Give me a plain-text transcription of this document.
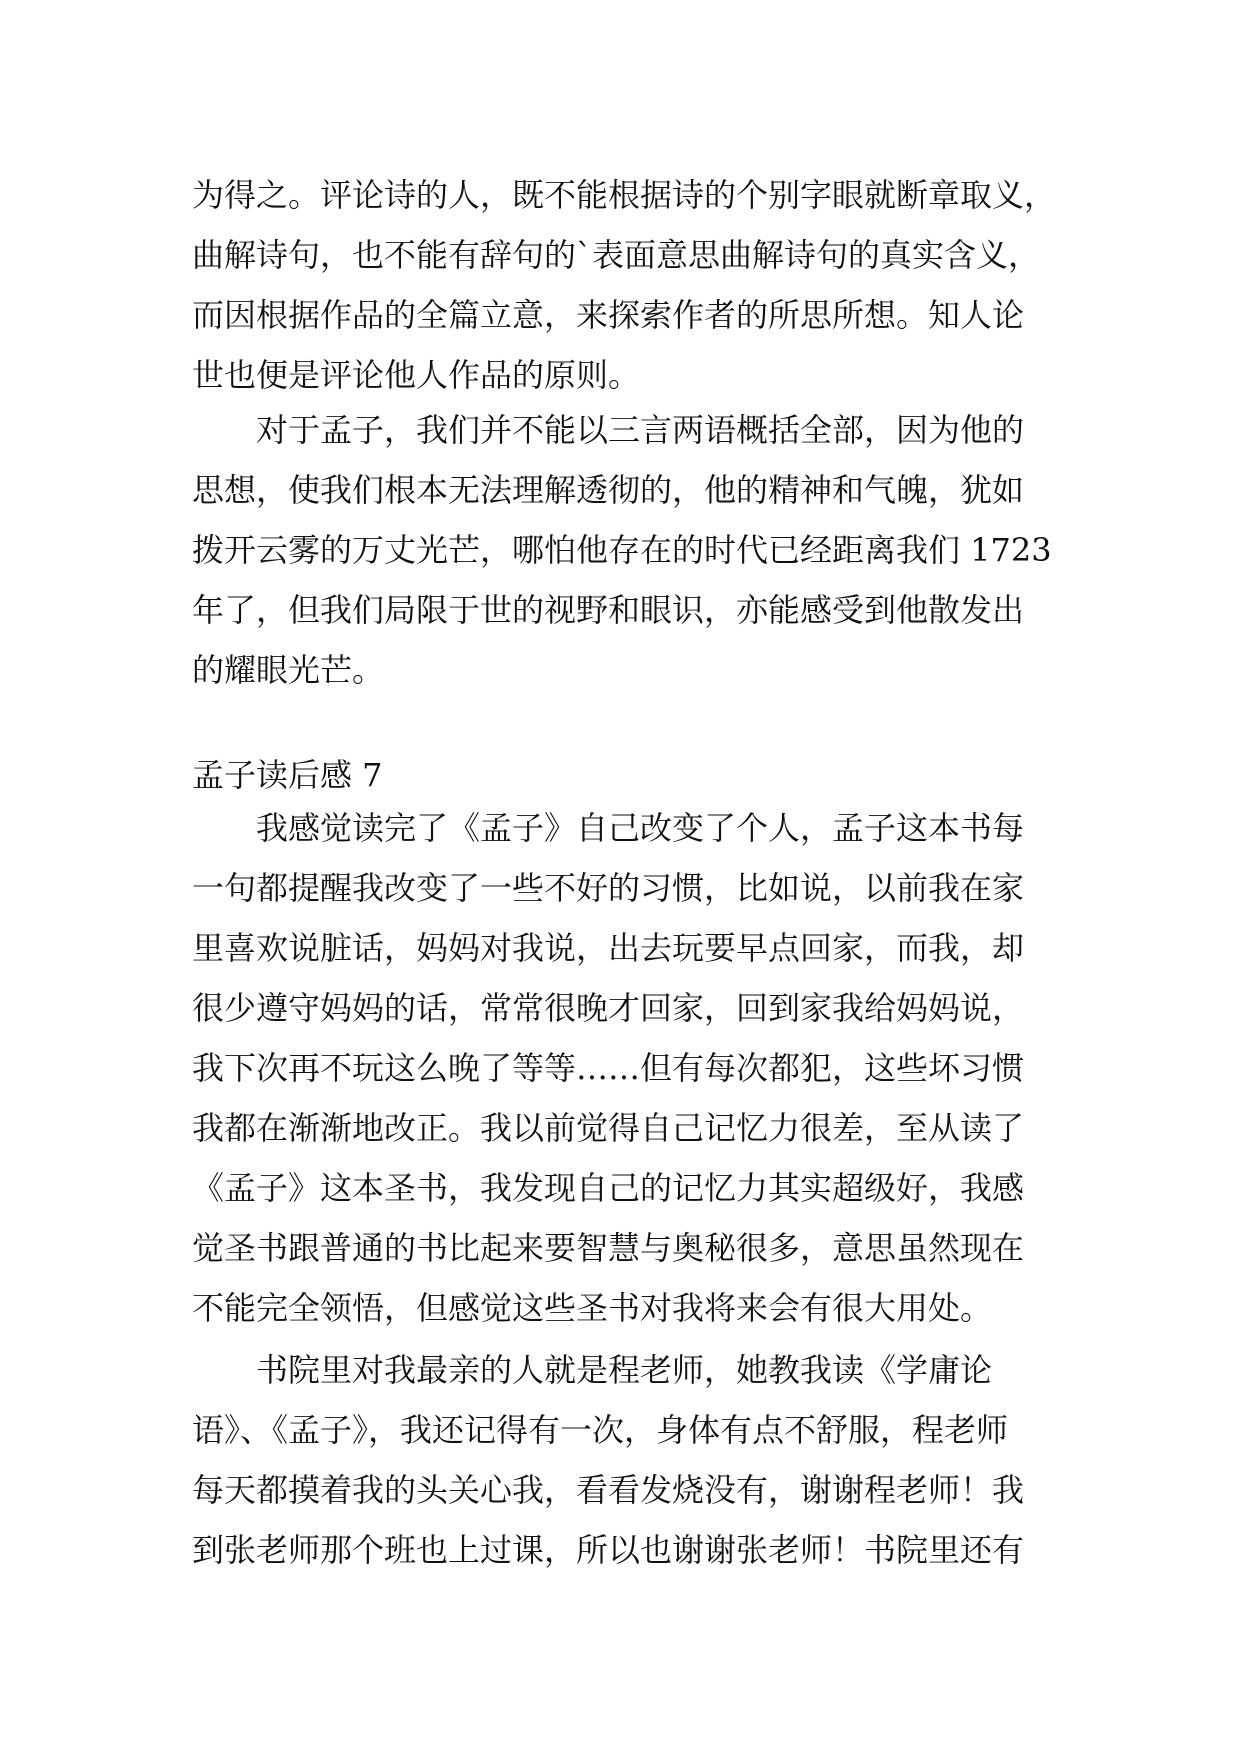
为得之。评论诗的人，既不能根据诗的个别字眼就断章取义，
曲解诗句，也不能有辞句的`表面意思曲解诗句的真实含义，
而因根据作品的全篇立意，来探索作者的所思所想。知人论
世也便是评论他人作品的原则。
对于孟子，我们并不能以三言两语概括全部，因为他的
思想，使我们根本无法理解透彻的，他的精神和气魄，犹如
拨开云雾的万丈光芒，哪怕他存在的时代已经距离我们 1723
年了，但我们局限于世的视野和眼识，亦能感受到他散发出
的耀眼光芒。
孟子读后感 7
我感觉读完了《孟子》自己改变了个人，孟子这本书每
一句都提醒我改变了一些不好的习惯，比如说，以前我在家
里喜欢说脏话，妈妈对我说，出去玩要早点回家，而我，却
很少遵守妈妈的话，常常很晚才回家，回到家我给妈妈说，
我下次再不玩这么晚了等等……但有每次都犯，这些坏习惯
我都在渐渐地改正。我以前觉得自己记忆力很差，至从读了
《孟子》这本圣书，我发现自己的记忆力其实超级好，我感
觉圣书跟普通的书比起来要智慧与奥秘很多，意思虽然现在
不能完全领悟，但感觉这些圣书对我将来会有很大用处。
书院里对我最亲的人就是程老师，她教我读《学庸论
语》、《孟子》，我还记得有一次，身体有点不舒服，程老师
每天都摸着我的头关心我，看看发烧没有，谢谢程老师！我
到张老师那个班也上过课，所以也谢谢张老师！书院里还有
